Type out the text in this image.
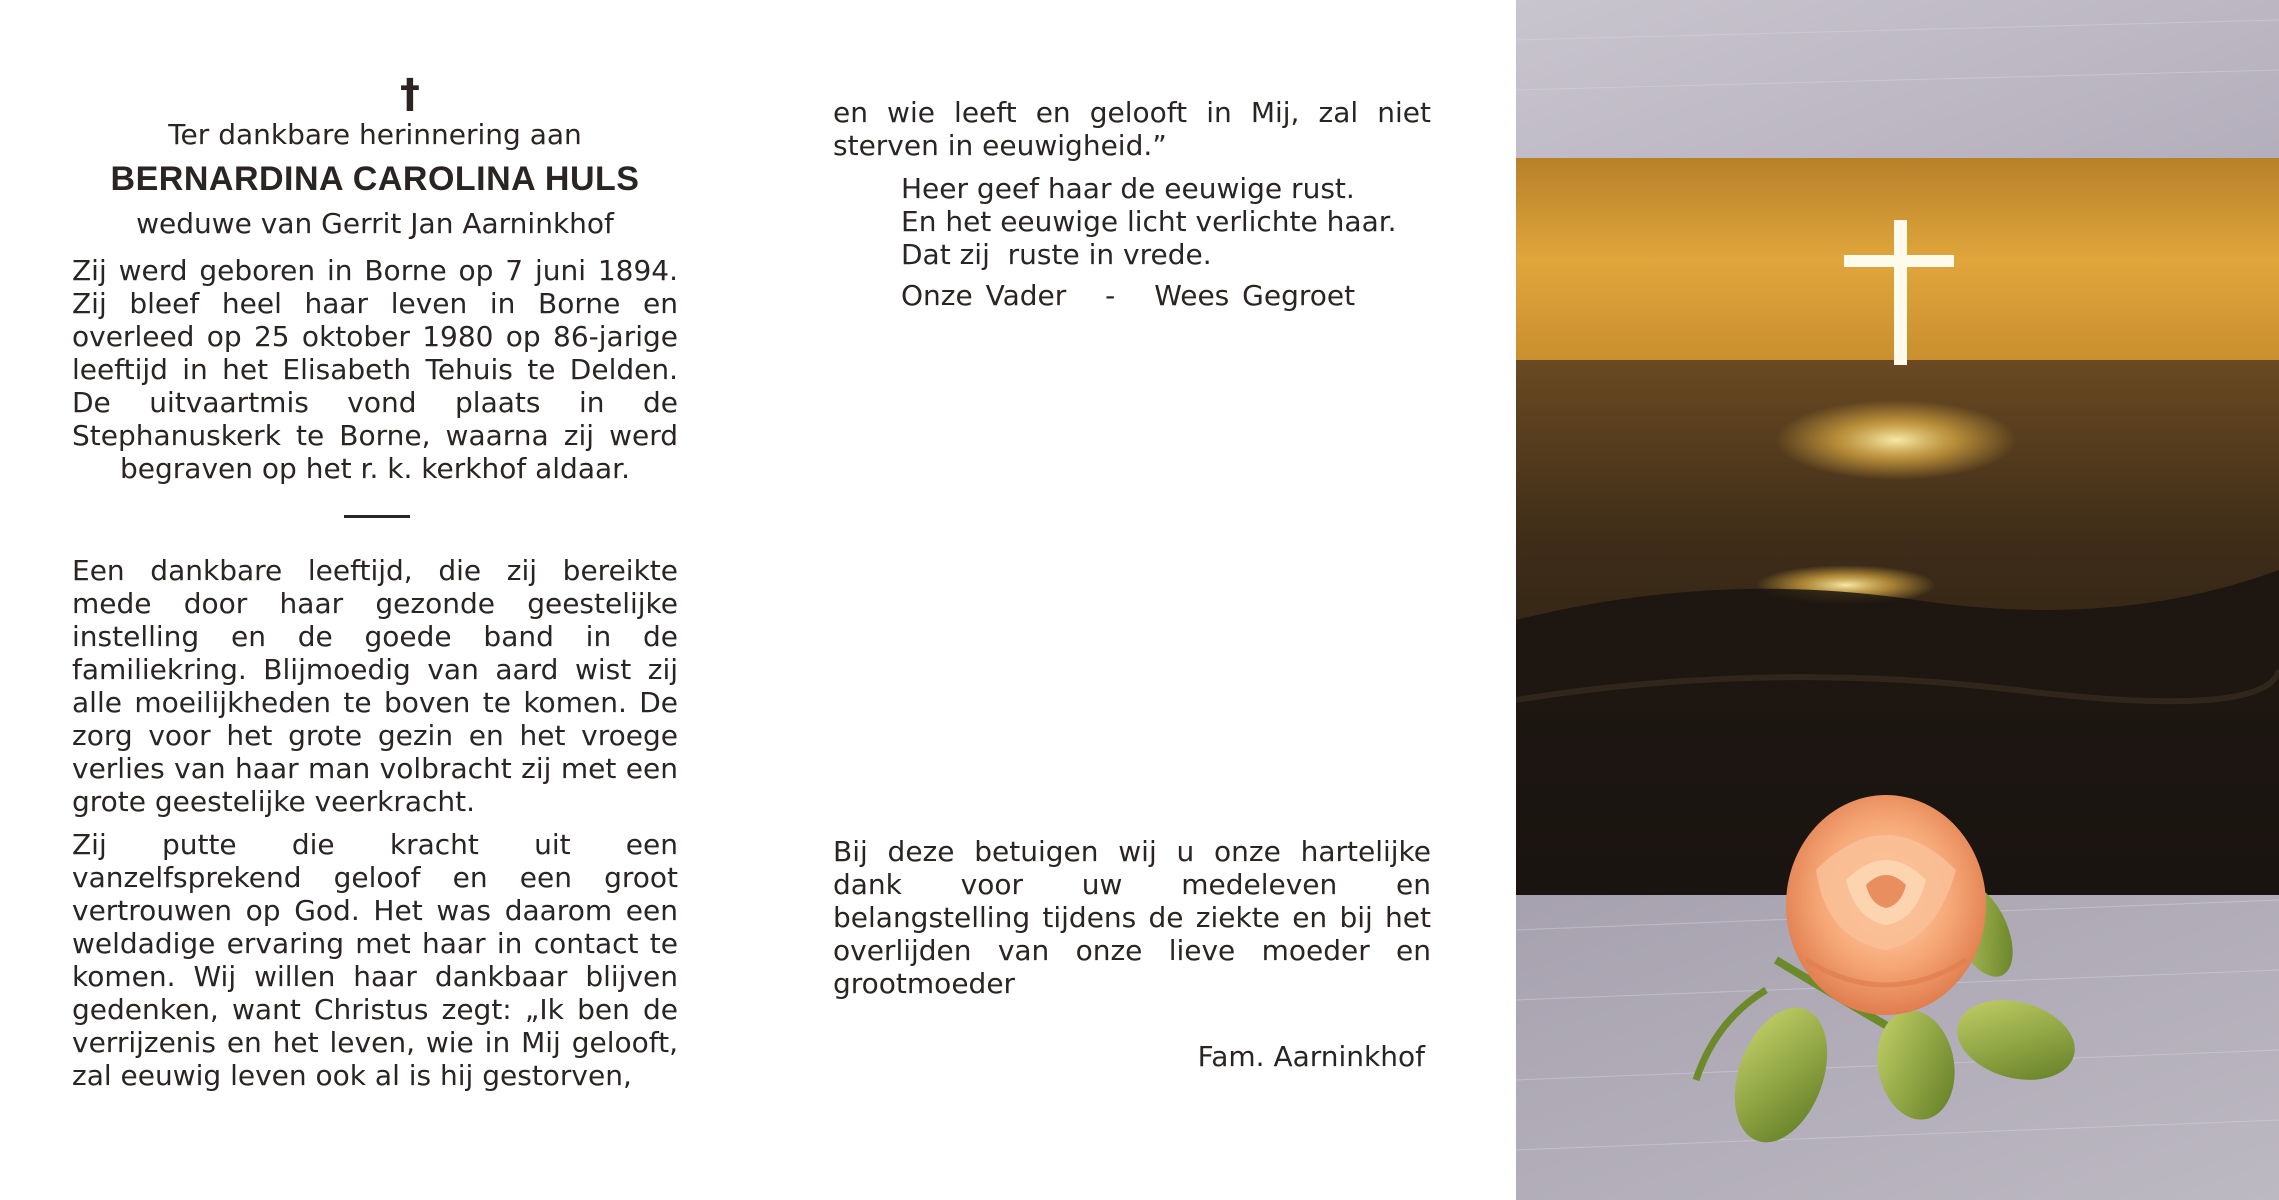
†
Ter dankbare herinnering aan
BERNARDINA CAROLINA HULS
weduwe van Gerrit Jan Aarninkhof

Zij werd geboren in Borne op 7 juni 1894. Zij bleef heel haar leven in Borne en overleed op 25 oktober 1980 op 86-jarige leeftijd in het Elisabeth Tehuis te Delden. De uitvaartmis vond plaats in de Stephanuskerk te Borne, waarna zij werd begraven op het r. k. kerkhof aldaar.

Een dankbare leeftijd, die zij bereikte mede door haar gezonde geestelijke instelling en de goede band in de familiekring. Blijmoedig van aard wist zij alle moeilijkheden te boven te komen. De zorg voor het grote gezin en het vroege verlies van haar man volbracht zij met een grote geestelijke veerkracht.

Zij putte die kracht uit een vanzelfsprekend geloof en een groot vertrouwen op God. Het was daarom een weldadige ervaring met haar in contact te komen. Wij willen haar dankbaar blijven gedenken, want Christus zegt: „Ik ben de verrijzenis en het leven, wie in Mij gelooft, zal eeuwig leven ook al is hij gestorven,

en wie leeft en gelooft in Mij, zal niet sterven in eeuwigheid.”

Heer geef haar de eeuwige rust.
En het eeuwige licht verlichte haar.
Dat zij  ruste in vrede.
Onze Vader - Wees Gegroet

Bij deze betuigen wij u onze hartelijke dank voor uw medeleven en belangstelling tijdens de ziekte en bij het overlijden van onze lieve moeder en grootmoeder

Fam. Aarninkhof
